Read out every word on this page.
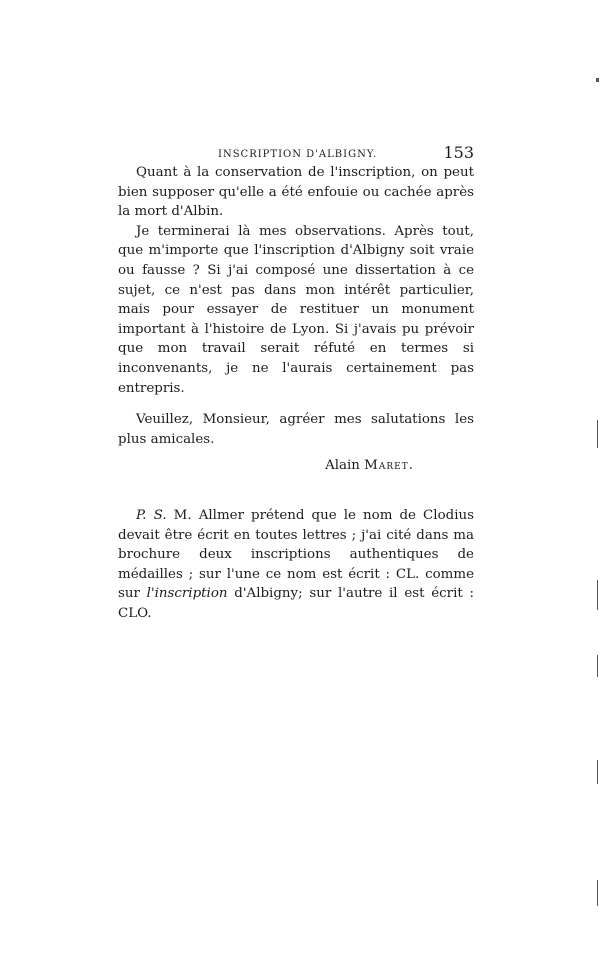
INSCRIPTION D'ALBIGNY.	153

Quant à la conservation de l'inscription, on peut bien supposer qu'elle a été enfouie ou cachée après la mort d'Albin.

Je terminerai là mes observations. Après tout, que m'importe que l'inscription d'Albigny soit vraie ou fausse ? Si j'ai composé une dissertation à ce sujet, ce n'est pas dans mon intérêt particulier, mais pour essayer de restituer un monument important à l'histoire de Lyon. Si j'avais pu prévoir que mon travail serait réfuté en termes si inconvenants, je ne l'aurais certainement pas entrepris.

Veuillez, Monsieur, agréer mes salutations les plus amicales.

Alain Maret.

P. S. M. Allmer prétend que le nom de Clodius devait être écrit en toutes lettres ; j'ai cité dans ma brochure deux inscriptions authentiques de médailles ; sur l'une ce nom est écrit : CL. comme sur l'inscription d'Albigny; sur l'autre il est écrit : CLO.
